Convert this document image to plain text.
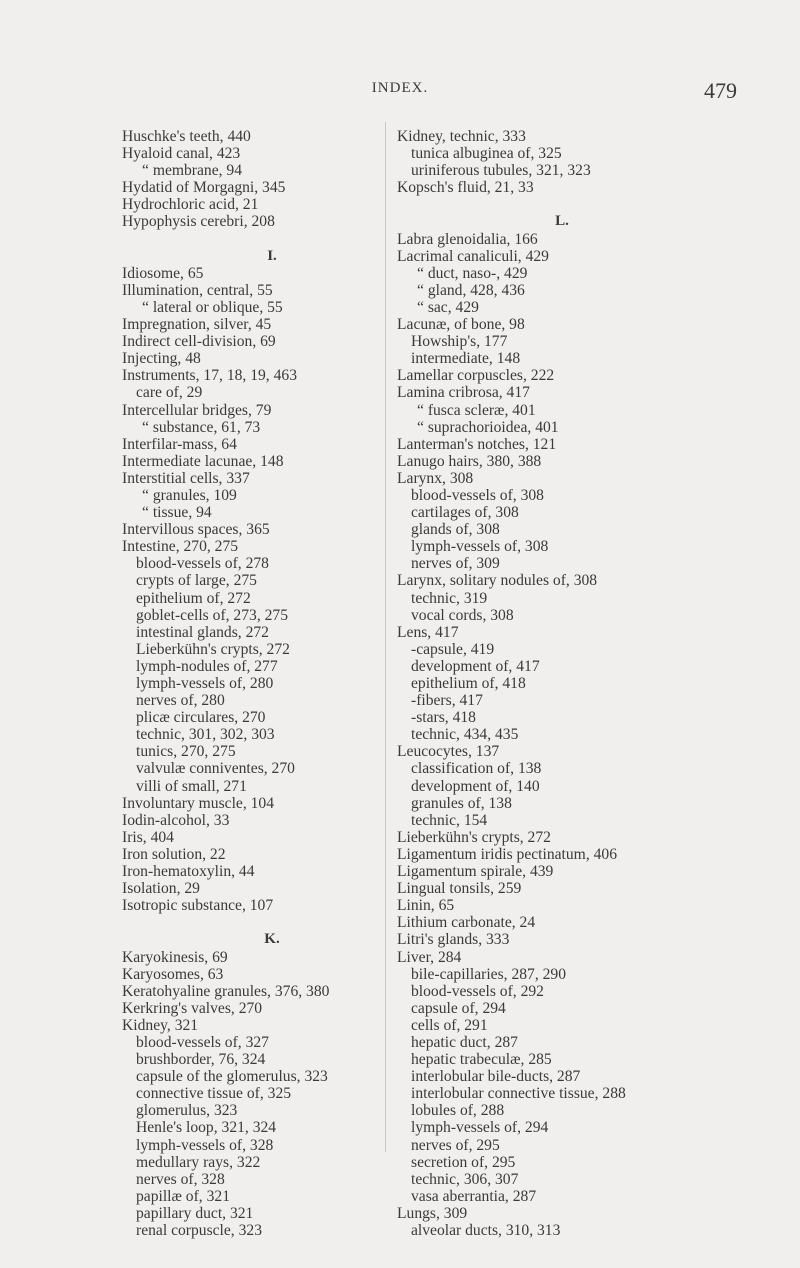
INDEX.	479
Huschke's teeth, 440
Hyaloid canal, 423
“ membrane, 94
Hydatid of Morgagni, 345
Hydrochloric acid, 21
Hypophysis cerebri, 208
I.
Idiosome, 65
Illumination, central, 55
“ lateral or oblique, 55
Impregnation, silver, 45
Indirect cell-division, 69
Injecting, 48
Instruments, 17, 18, 19, 463
care of, 29
Intercellular bridges, 79
“ substance, 61, 73
Interfilar-mass, 64
Intermediate lacunae, 148
Interstitial cells, 337
“ granules, 109
“ tissue, 94
Intervillous spaces, 365
Intestine, 270, 275
blood-vessels of, 278
crypts of large, 275
epithelium of, 272
goblet-cells of, 273, 275
intestinal glands, 272
Lieberkühn's crypts, 272
lymph-nodules of, 277
lymph-vessels of, 280
nerves of, 280
plicæ circulares, 270
technic, 301, 302, 303
tunics, 270, 275
valvulæ conniventes, 270
villi of small, 271
Involuntary muscle, 104
Iodin-alcohol, 33
Iris, 404
Iron solution, 22
Iron-hematoxylin, 44
Isolation, 29
Isotropic substance, 107
K.
Karyokinesis, 69
Karyosomes, 63
Keratohyaline granules, 376, 380
Kerkring's valves, 270
Kidney, 321
blood-vessels of, 327
brushborder, 76, 324
capsule of the glomerulus, 323
connective tissue of, 325
glomerulus, 323
Henle's loop, 321, 324
lymph-vessels of, 328
medullary rays, 322
nerves of, 328
papillæ of, 321
papillary duct, 321
renal corpuscle, 323
Kidney, technic, 333
tunica albuginea of, 325
uriniferous tubules, 321, 323
Kopsch's fluid, 21, 33
L.
Labra glenoidalia, 166
Lacrimal canaliculi, 429
“ duct, naso-, 429
“ gland, 428, 436
“ sac, 429
Lacunæ, of bone, 98
Howship's, 177
intermediate, 148
Lamellar corpuscles, 222
Lamina cribrosa, 417
“ fusca scleræ, 401
“ suprachorioidea, 401
Lanterman's notches, 121
Lanugo hairs, 380, 388
Larynx, 308
blood-vessels of, 308
cartilages of, 308
glands of, 308
lymph-vessels of, 308
nerves of, 309
Larynx, solitary nodules of, 308
technic, 319
vocal cords, 308
Lens, 417
-capsule, 419
development of, 417
epithelium of, 418
-fibers, 417
-stars, 418
technic, 434, 435
Leucocytes, 137
classification of, 138
development of, 140
granules of, 138
technic, 154
Lieberkühn's crypts, 272
Ligamentum iridis pectinatum, 406
Ligamentum spirale, 439
Lingual tonsils, 259
Linin, 65
Lithium carbonate, 24
Litri's glands, 333
Liver, 284
bile-capillaries, 287, 290
blood-vessels of, 292
capsule of, 294
cells of, 291
hepatic duct, 287
hepatic trabeculæ, 285
interlobular bile-ducts, 287
interlobular connective tissue, 288
lobules of, 288
lymph-vessels of, 294
nerves of, 295
secretion of, 295
technic, 306, 307
vasa aberrantia, 287
Lungs, 309
alveolar ducts, 310, 313
